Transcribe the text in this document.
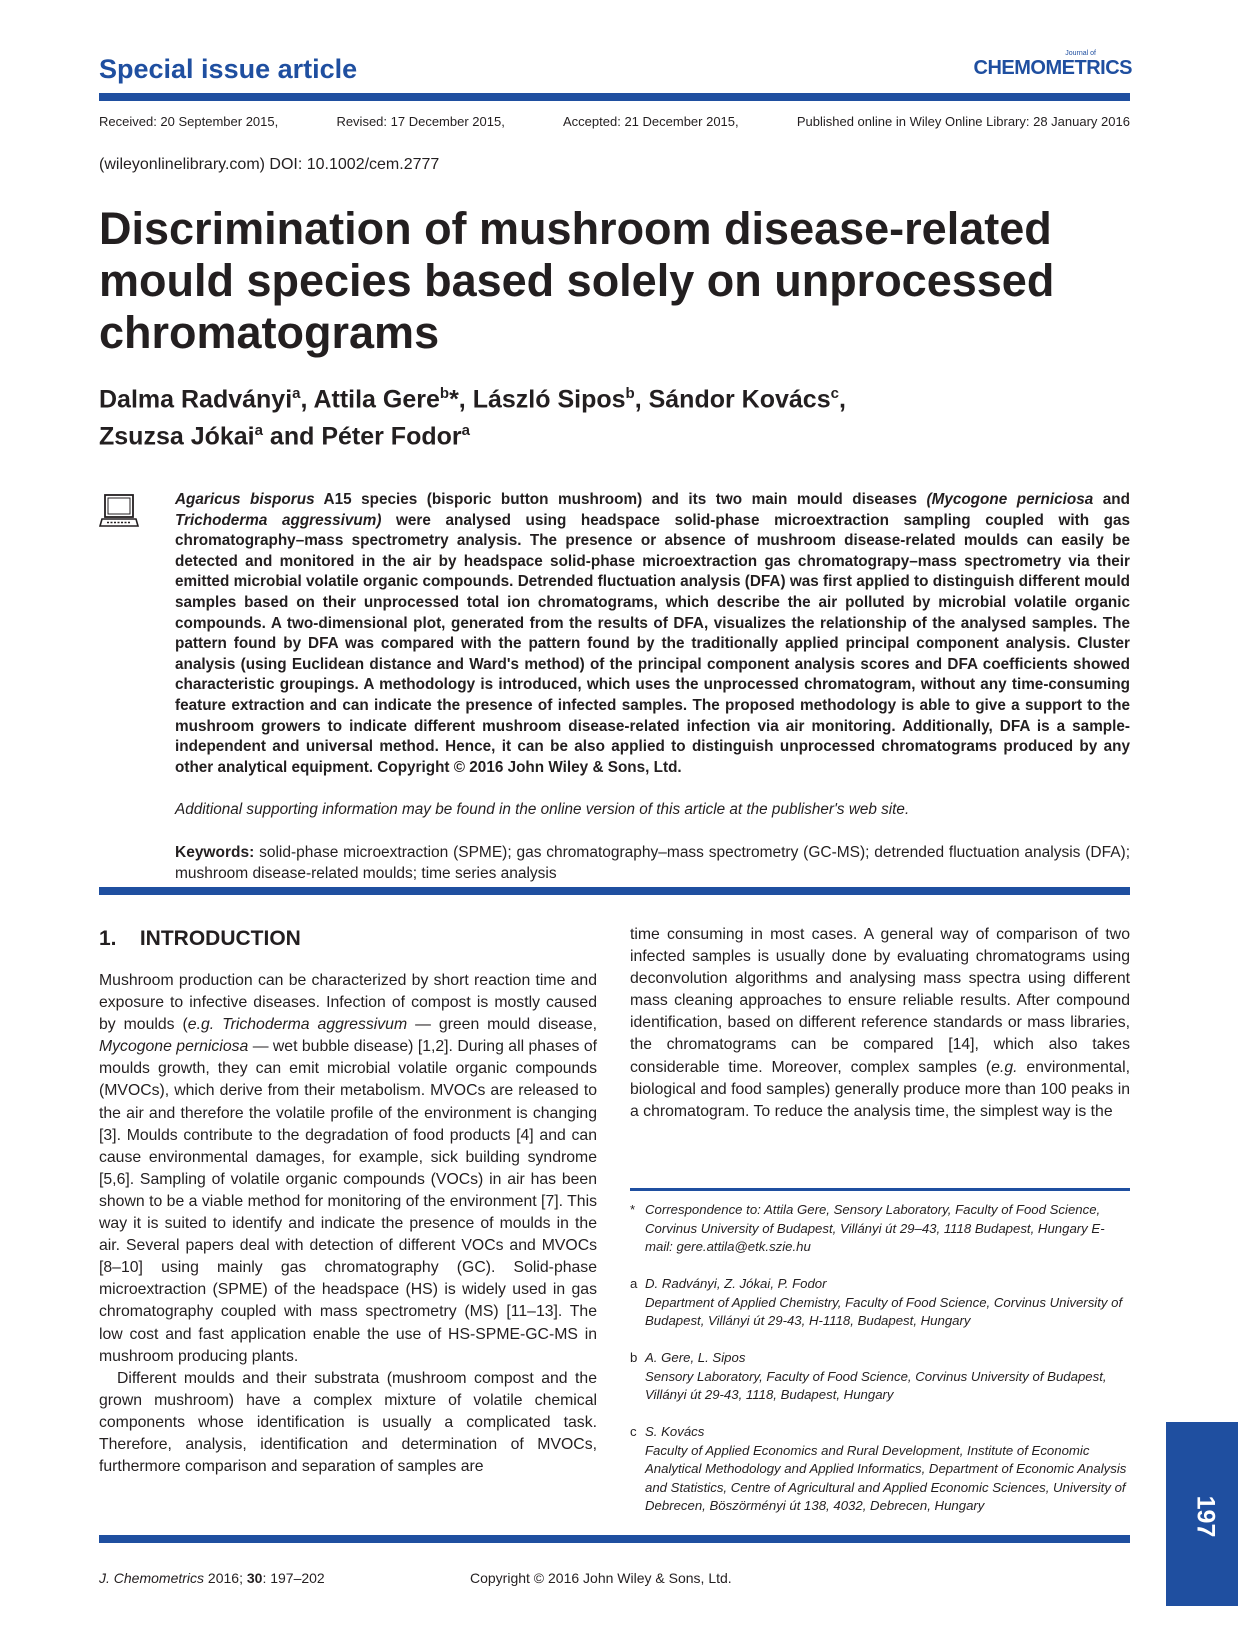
Special issue article
Journal of
CHEMOMETRICS
Received: 20 September 2015,	Revised: 17 December 2015,	Accepted: 21 December 2015,	Published online in Wiley Online Library: 28 January 2016
(wileyonlinelibrary.com) DOI: 10.1002/cem.2777
Discrimination of mushroom disease-related mould species based solely on unprocessed chromatograms
Dalma Radványi$^a$, Attila Gere$^b$*, László Sipos$^b$, Sándor Kovács$^c$,
Zsuzsa Jókai$^a$ and Péter Fodor$^a$
Agaricus bisporus A15 species (bisporic button mushroom) and its two main mould diseases (Mycogone perniciosa and Trichoderma aggressivum) were analysed using headspace solid-phase microextraction sampling coupled with gas chromatography–mass spectrometry analysis. The presence or absence of mushroom disease-related moulds can easily be detected and monitored in the air by headspace solid-phase microextraction gas chromatograpy–mass spectrometry via their emitted microbial volatile organic compounds. Detrended fluctuation analysis (DFA) was first applied to distinguish different mould samples based on their unprocessed total ion chromatograms, which describe the air polluted by microbial volatile organic compounds. A two-dimensional plot, generated from the results of DFA, visualizes the relationship of the analysed samples. The pattern found by DFA was compared with the pattern found by the traditionally applied principal component analysis. Cluster analysis (using Euclidean distance and Ward's method) of the principal component analysis scores and DFA coefficients showed characteristic groupings. A methodology is introduced, which uses the unprocessed chromatogram, without any time-consuming feature extraction and can indicate the presence of infected samples. The proposed methodology is able to give a support to the mushroom growers to indicate different mushroom disease-related infection via air monitoring. Additionally, DFA is a sample-independent and universal method. Hence, it can be also applied to distinguish unprocessed chromatograms produced by any other analytical equipment. Copyright © 2016 John Wiley & Sons, Ltd.
Additional supporting information may be found in the online version of this article at the publisher's web site.
Keywords: solid-phase microextraction (SPME); gas chromatography–mass spectrometry (GC-MS); detrended fluctuation analysis (DFA); mushroom disease-related moulds; time series analysis
1.    INTRODUCTION

Mushroom production can be characterized by short reaction time and exposure to infective diseases. Infection of compost is mostly caused by moulds (e.g. Trichoderma aggressivum — green mould disease, Mycogone perniciosa — wet bubble disease) [1,2]. During all phases of moulds growth, they can emit microbial volatile organic compounds (MVOCs), which derive from their metabolism. MVOCs are released to the air and therefore the volatile profile of the environment is changing [3]. Moulds contribute to the degradation of food products [4] and can cause environmental damages, for example, sick building syndrome [5,6]. Sampling of volatile organic compounds (VOCs) in air has been shown to be a viable method for monitoring of the environment [7]. This way it is suited to identify and indicate the presence of moulds in the air. Several papers deal with detection of different VOCs and MVOCs [8–10] using mainly gas chromatography (GC). Solid-phase microextraction (SPME) of the headspace (HS) is widely used in gas chromatography coupled with mass spectrometry (MS) [11–13]. The low cost and fast application enable the use of HS-SPME-GC-MS in mushroom producing plants.

Different moulds and their substrata (mushroom compost and the grown mushroom) have a complex mixture of volatile chemical components whose identification is usually a complicated task. Therefore, analysis, identification and determination of MVOCs, furthermore comparison and separation of samples are

time consuming in most cases. A general way of comparison of two infected samples is usually done by evaluating chromatograms using deconvolution algorithms and analysing mass spectra using different mass cleaning approaches to ensure reliable results. After compound identification, based on different reference standards or mass libraries, the chromatograms can be compared [14], which also takes considerable time. Moreover, complex samples (e.g. environmental, biological and food samples) generally produce more than 100 peaks in a chromatogram. To reduce the analysis time, the simplest way is the
* Correspondence to: Attila Gere, Sensory Laboratory, Faculty of Food Science, Corvinus University of Budapest, Villányi út 29–43, 1118 Budapest, Hungary E-mail: gere.attila@etk.szie.hu
a D. Radványi, Z. Jókai, P. Fodor
Department of Applied Chemistry, Faculty of Food Science, Corvinus University of Budapest, Villányi út 29-43, H-1118, Budapest, Hungary
b A. Gere, L. Sipos
Sensory Laboratory, Faculty of Food Science, Corvinus University of Budapest, Villányi út 29-43, 1118, Budapest, Hungary
c S. Kovács
Faculty of Applied Economics and Rural Development, Institute of Economic Analytical Methodology and Applied Informatics, Department of Economic Analysis and Statistics, Centre of Agricultural and Applied Economic Sciences, University of Debrecen, Böszörményi út 138, 4032, Debrecen, Hungary	197
J. Chemometrics 2016; 30: 197–202	Copyright © 2016 John Wiley & Sons, Ltd.
